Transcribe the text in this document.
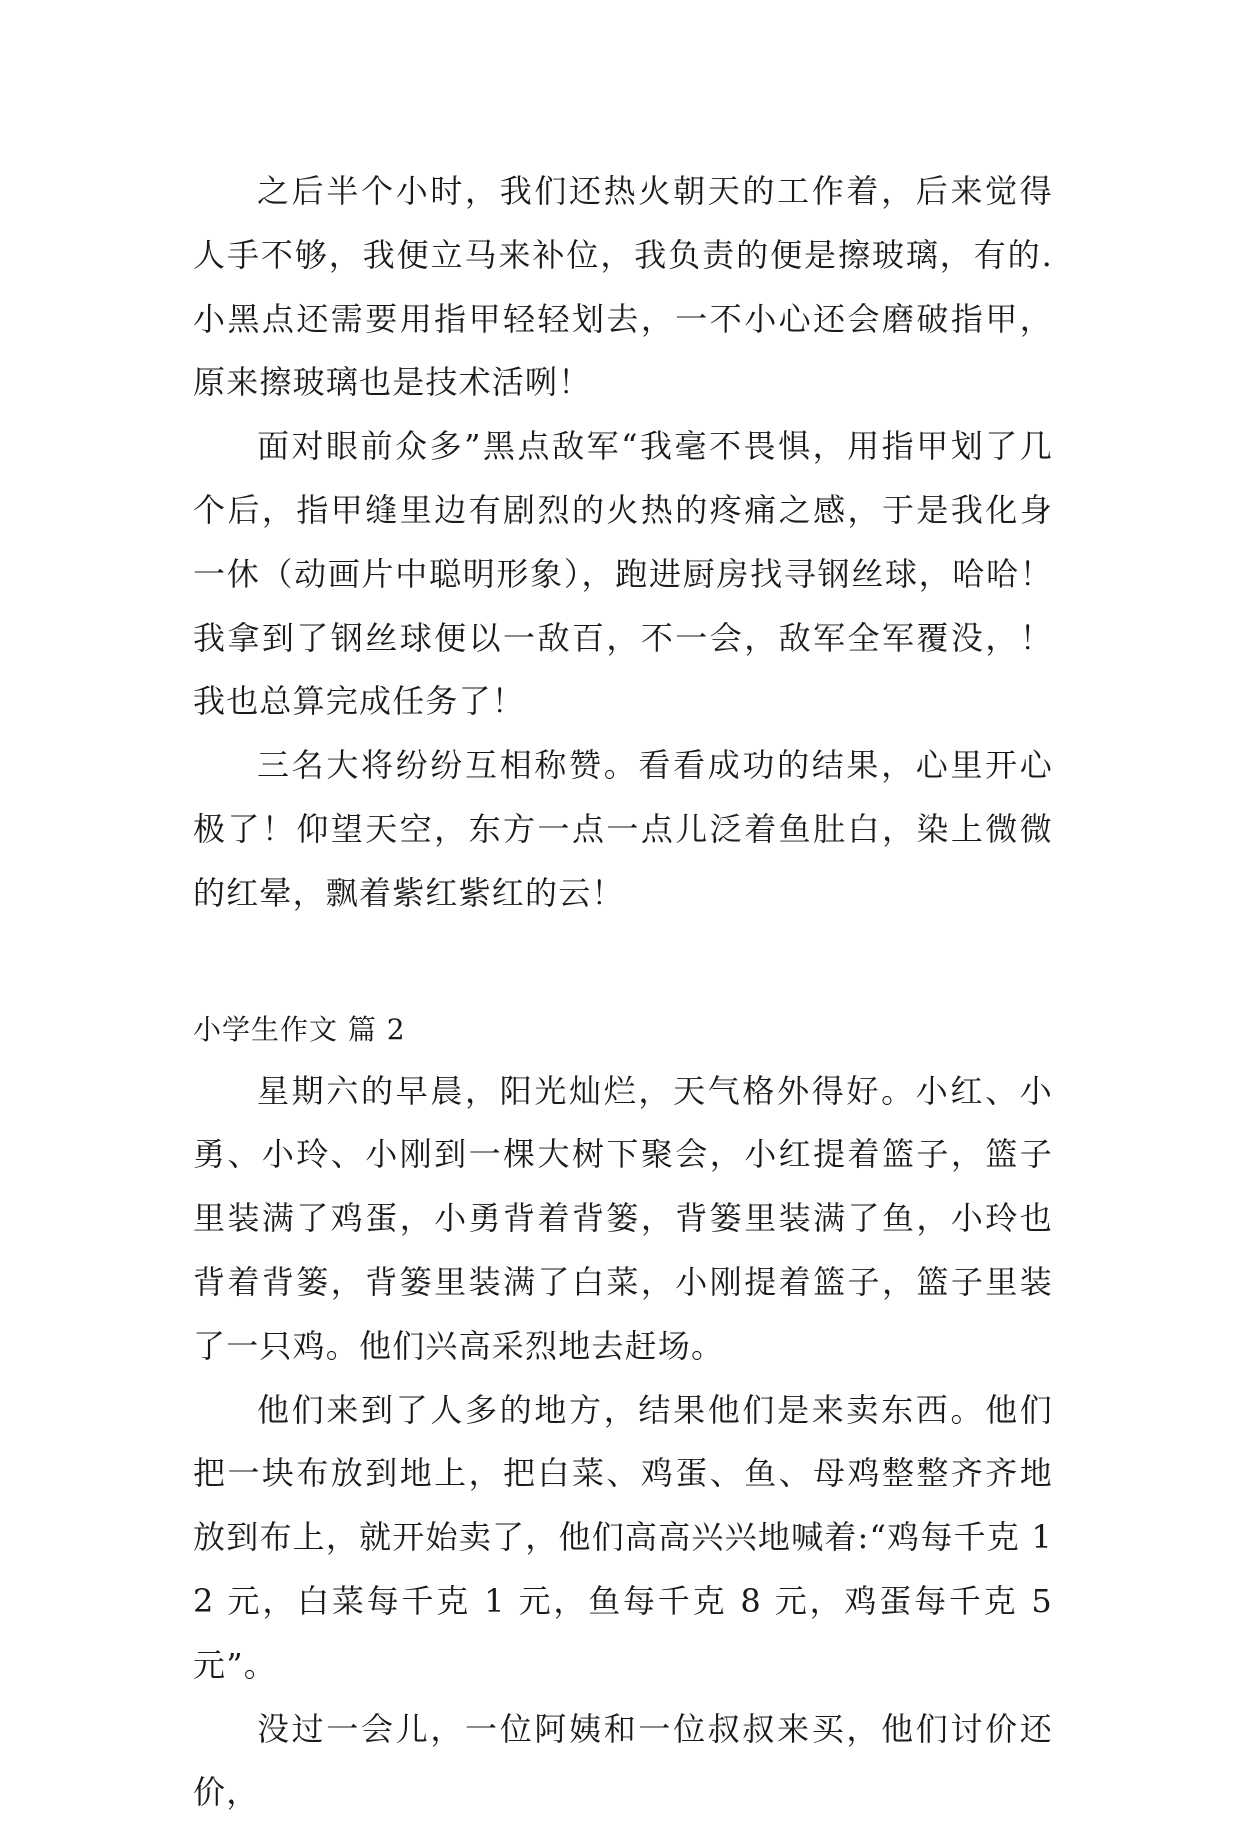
之后半个小时，我们还热火朝天的工作着，后来觉得人手不够，我便立马来补位，我负责的便是擦玻璃，有的.小黑点还需要用指甲轻轻划去，一不小心还会磨破指甲，原来擦玻璃也是技术活咧！

面对眼前众多”黑点敌军“我毫不畏惧，用指甲划了几个后，指甲缝里边有剧烈的火热的疼痛之感，于是我化身一休（动画片中聪明形象），跑进厨房找寻钢丝球，哈哈！我拿到了钢丝球便以一敌百，不一会，敌军全军覆没，！我也总算完成任务了！

三名大将纷纷互相称赞。看看成功的结果，心里开心极了！仰望天空，东方一点一点儿泛着鱼肚白，染上微微的红晕，飘着紫红紫红的云！

小学生作文 篇 2

星期六的早晨，阳光灿烂，天气格外得好。小红、小勇、小玲、小刚到一棵大树下聚会，小红提着篮子，篮子里装满了鸡蛋，小勇背着背篓，背篓里装满了鱼，小玲也背着背篓，背篓里装满了白菜，小刚提着篮子，篮子里装了一只鸡。他们兴高采烈地去赶场。

他们来到了人多的地方，结果他们是来卖东西。他们把一块布放到地上，把白菜、鸡蛋、鱼、母鸡整整齐齐地放到布上，就开始卖了，他们高高兴兴地喊着:“鸡每千克 12 元，白菜每千克 1 元，鱼每千克 8 元，鸡蛋每千克 5 元”。

没过一会儿，一位阿姨和一位叔叔来买，他们讨价还价，
